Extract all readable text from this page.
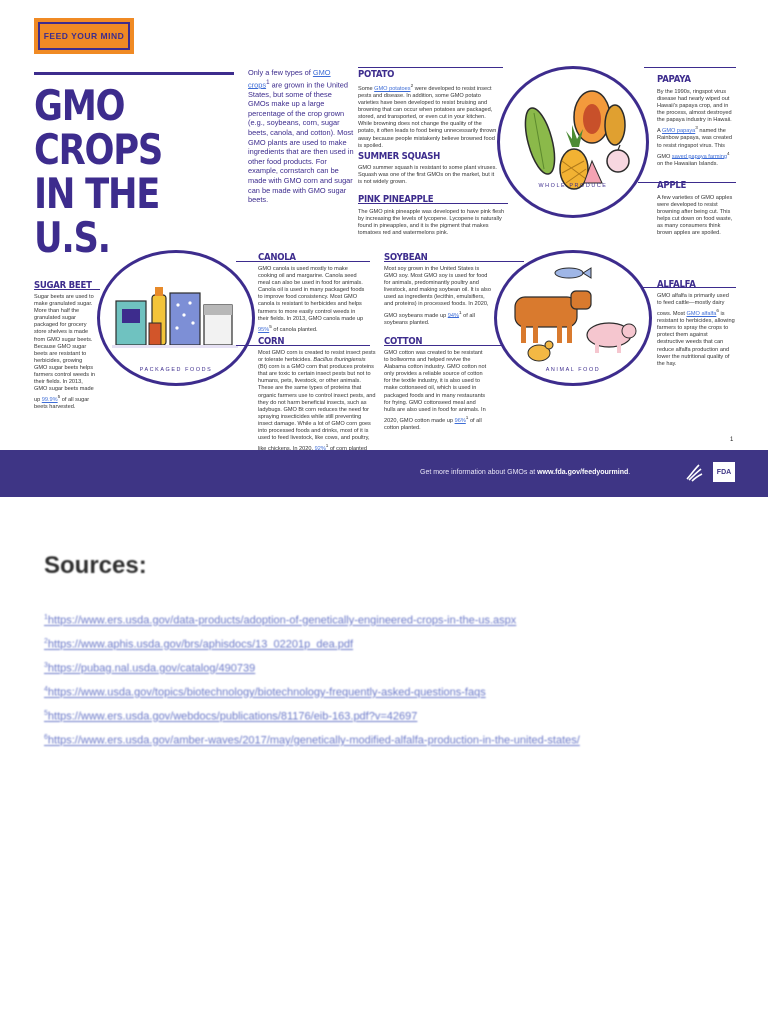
FEED YOUR MIND
GMO CROPS
IN THE U.S.
Only a few types of GMO crops$^1$ are grown in the United States, but some of these GMOs make up a large percentage of the crop grown (e.g., soybeans, corn, sugar beets, canola, and cotton). Most GMO plants are used to make ingredients that are then used in other food products. For example, cornstarch can be made with GMO corn and sugar can be made with GMO sugar beets.
WHOLE PRODUCE
POTATO
Some GMO potatoes$^2$ were developed to resist insect pests and disease. In addition, some GMO potato varieties have been developed to resist bruising and browning that can occur when potatoes are packaged, stored, and transported, or even cut in your kitchen. While browning does not change the quality of the potato, it often leads to food being unnecessarily thrown away because people mistakenly believe browned food is spoiled.
SUMMER SQUASH
GMO summer squash is resistant to some plant viruses. Squash was one of the first GMOs on the market, but it is not widely grown.
PINK PINEAPPLE
The GMO pink pineapple was developed to have pink flesh by increasing the levels of lycopene. Lycopene is naturally found in pineapples, and it is the pigment that makes tomatoes red and watermelons pink.
PAPAYA
By the 1990s, ringspot virus disease had nearly wiped out Hawaii's papaya crop, and in the process, almost destroyed the papaya industry in Hawaii. A GMO papaya$^3$ named the Rainbow papaya, was created to resist ringspot virus. This GMO saved papaya farming$^4$ on the Hawaiian Islands.
APPLE
A few varieties of GMO apples were developed to resist browning after being cut. This helps cut down on food waste, as many consumers think brown apples are spoiled.
PACKAGED FOODS
SUGAR BEET
Sugar beets are used to make granulated sugar. More than half the granulated sugar packaged for grocery store shelves is made from GMO sugar beets. Because GMO sugar beets are resistant to herbicides, growing GMO sugar beets helps farmers control weeds in their fields. In 2013, GMO sugar beets made up 99.9%$^5$ of all sugar beets harvested.
CANOLA
GMO canola is used mostly to make cooking oil and margarine. Canola seed meal can also be used in food for animals. Canola oil is used in many packaged foods to improve food consistency. Most GMO canola is resistant to herbicides and helps farmers to more easily control weeds in their fields. In 2013, GMO canola made up 95%$^5$ of canola planted.
SOYBEAN
Most soy grown in the United States is GMO soy. Most GMO soy is used for food for animals, predominantly poultry and livestock, and making soybean oil. It is also used as ingredients (lecithin, emulsifiers, and proteins) in processed foods. In 2020, GMO soybeans made up 94%$^1$ of all soybeans planted.
CORN
Most GMO corn is created to resist insect pests or tolerate herbicides. Bacillus thuringiensis (Bt) corn is a GMO corn that produces proteins that are toxic to certain insect pests but not to humans, pets, livestock, or other animals. These are the same types of proteins that organic farmers use to control insect pests, and they do not harm beneficial insects, such as ladybugs. GMO Bt corn reduces the need for spraying insecticides while still preventing insect damage. While a lot of GMO corn goes into processed foods and drinks, most of it is used to feed livestock, like cows, and poultry, $^1$
COTTON
GMO cotton was created to be resistant to bollworms and helped revive the Alabama cotton industry. GMO cotton not only provides a reliable source of cotton for the textile industry, it is also used to make cottonseed oil, which is used in packaged foods and in many restaurants for frying. GMO cottonseed meal and hulls are also used in food for animals. In 2020, GMO cotton made up 96%$^1$ of all cotton planted.
ANIMAL FOOD
ALFALFA
GMO alfalfa is primarily used to feed cattle—mostly dairy cows. Most GMO alfalfa$^6$ is resistant to herbicides, allowing farmers to spray the crops to protect them against destructive weeds that can reduce alfalfa production and lower the nutritional quality of the hay.
1
Get more information about GMOs at www.fda.gov/feedyourmind.	FDA
Sources:
$^1$https://www.ers.usda.gov/data-products/adoption-of-genetically-engineered-crops-in-the-us.aspx
$^2$https://www.aphis.usda.gov/brs/aphisdocs/13_02201p_dea.pdf
$^3$https://pubag.nal.usda.gov/catalog/490739
$^4$https://www.usda.gov/topics/biotechnology/biotechnology-frequently-asked-questions-faqs
$^5$https://www.ers.usda.gov/webdocs/publications/81176/eib-163.pdf?v=42697
$^6$https://www.ers.usda.gov/amber-waves/2017/may/genetically-modified-alfalfa-production-in-the-united-states/
